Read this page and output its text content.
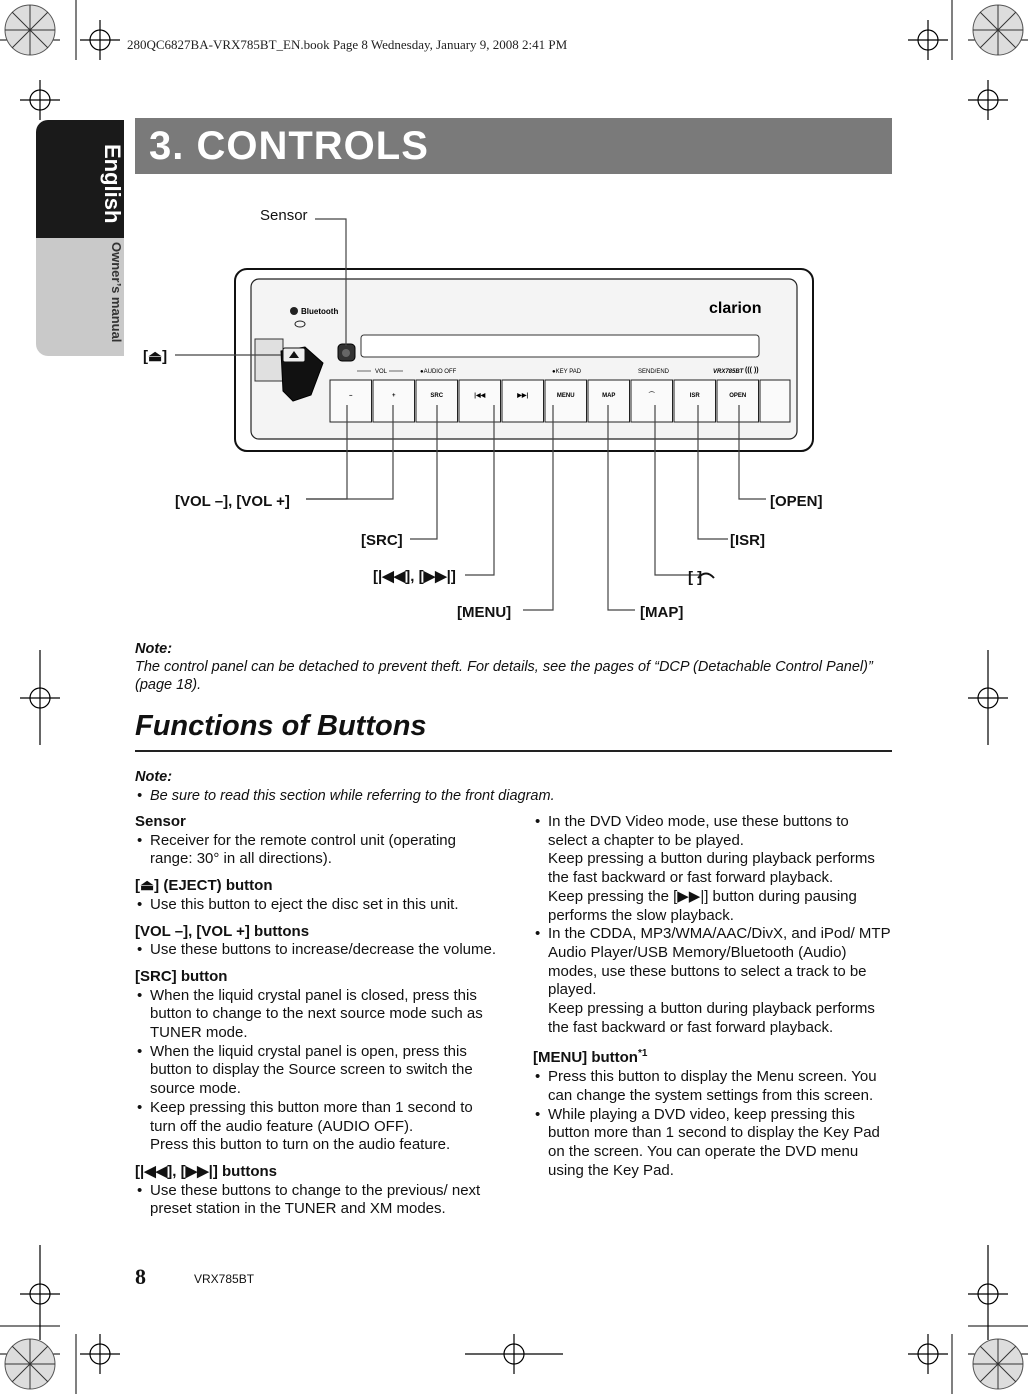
280QC6827BA-VRX785BT_EN.book Page 8 Wednesday, January 9, 2008 2:41 PM
English
Owner’s manual
3. CONTROLS
Bluetooth	clarion
VOL	●AUDIO OFF	●KEY PAD	SEND/END	VRX785BT ((( ))
–	+	SRC	|◀◀	▶▶|	MENU	MAP	⌒	ISR	OPEN
Sensor
[⏏]
[VOL –], [VOL +]
[SRC]
[|◀◀], [▶▶|]
[MENU]	[MAP]
[ ]
[ISR]
[OPEN]
Note:
The control panel can be detached to prevent theft. For details, see the pages of “DCP (Detachable Control Panel)” (page 18).
Functions of Buttons
Note:
• Be sure to read this section while referring to the front diagram.
Sensor
• Receiver for the remote control unit (operating range: 30° in all directions).
[⏏] (EJECT) button
• Use this button to eject the disc set in this unit.
[VOL –], [VOL +] buttons
• Use these buttons to increase/decrease the volume.
[SRC] button
• When the liquid crystal panel is closed, press this button to change to the next source mode such as TUNER mode.
• When the liquid crystal panel is open, press this button to display the Source screen to switch the source mode.
• Keep pressing this button more than 1 second to turn off the audio feature (AUDIO OFF).
Press this button to turn on the audio feature.
[|◀◀], [▶▶|] buttons
• Use these buttons to change to the previous/ next preset station in the TUNER and XM modes.
• In the DVD Video mode, use these buttons to select a chapter to be played.
Keep pressing a button during playback performs the fast backward or fast forward playback.
Keep pressing the [▶▶|] button during pausing performs the slow playback.
• In the CDDA, MP3/WMA/AAC/DivX, and iPod/ MTP Audio Player/USB Memory/Bluetooth (Audio) modes, use these buttons to select a track to be played.
Keep pressing a button during playback performs the fast backward or fast forward playback.
[MENU] button$^{*1}$
• Press this button to display the Menu screen. You can change the system settings from this screen.
• While playing a DVD video, keep pressing this button more than 1 second to display the Key Pad on the screen. You can operate the DVD menu using the Key Pad.
8	VRX785BT
